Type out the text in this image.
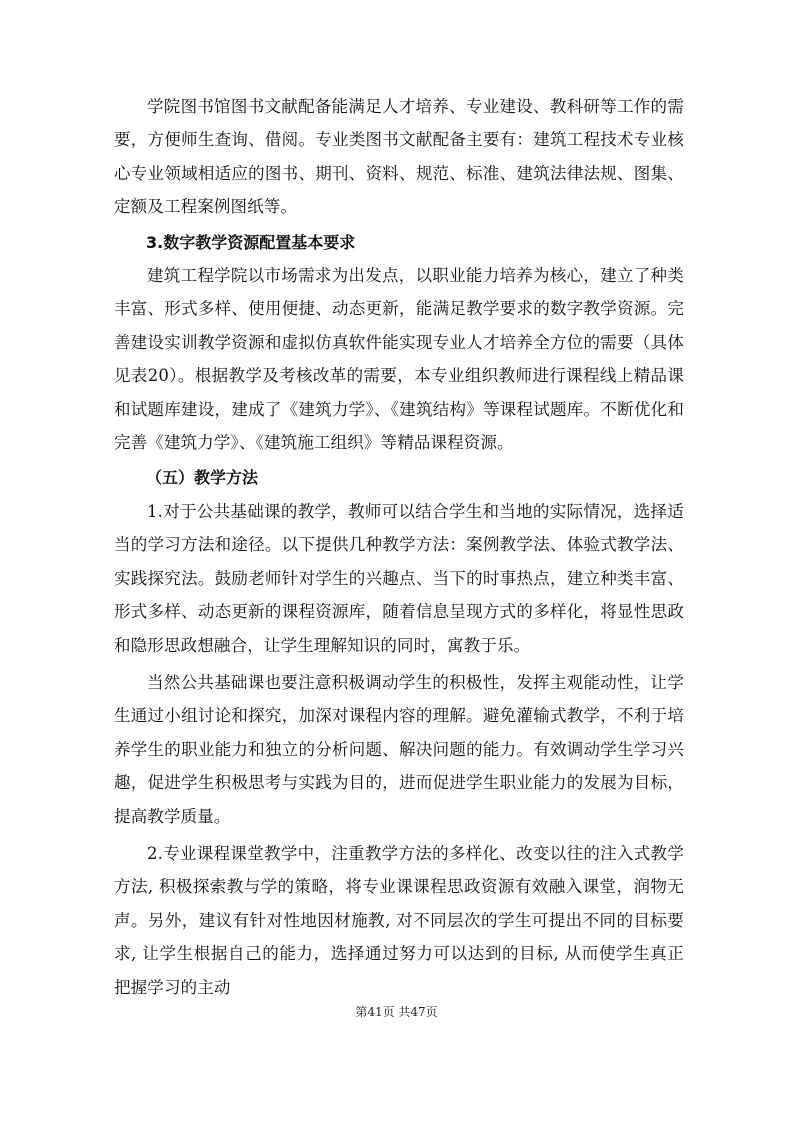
学院图书馆图书文献配备能满足人才培养、专业建设、教科研等工作的需要，方便师生查询、借阅。专业类图书文献配备主要有：建筑工程技术专业核心专业领域相适应的图书、期刊、资料、规范、标准、建筑法律法规、图集、定额及工程案例图纸等。

3.数字教学资源配置基本要求

建筑工程学院以市场需求为出发点，以职业能力培养为核心，建立了种类丰富、形式多样、使用便捷、动态更新，能满足教学要求的数字教学资源。完善建设实训教学资源和虚拟仿真软件能实现专业人才培养全方位的需要（具体见表20）。根据教学及考核改革的需要，本专业组织教师进行课程线上精品课和试题库建设，建成了《建筑力学》、《建筑结构》等课程试题库。不断优化和完善《建筑力学》、《建筑施工组织》等精品课程资源。

（五）教学方法

1.对于公共基础课的教学，教师可以结合学生和当地的实际情况，选择适当的学习方法和途径。以下提供几种教学方法：案例教学法、体验式教学法、实践探究法。鼓励老师针对学生的兴趣点、当下的时事热点，建立种类丰富、形式多样、动态更新的课程资源库，随着信息呈现方式的多样化，将显性思政和隐形思政想融合，让学生理解知识的同时，寓教于乐。

当然公共基础课也要注意积极调动学生的积极性，发挥主观能动性，让学生通过小组讨论和探究，加深对课程内容的理解。避免灌输式教学，不利于培养学生的职业能力和独立的分析问题、解决问题的能力。有效调动学生学习兴趣，促进学生积极思考与实践为目的，进而促进学生职业能力的发展为目标，提高教学质量。

2.专业课程课堂教学中，注重教学方法的多样化、改变以往的注入式教学方法, 积极探索教与学的策略，将专业课课程思政资源有效融入课堂，润物无声。另外，建议有针对性地因材施教, 对不同层次的学生可提出不同的目标要求, 让学生根据自己的能力，选择通过努力可以达到的目标, 从而使学生真正把握学习的主动

第41页 共47页
